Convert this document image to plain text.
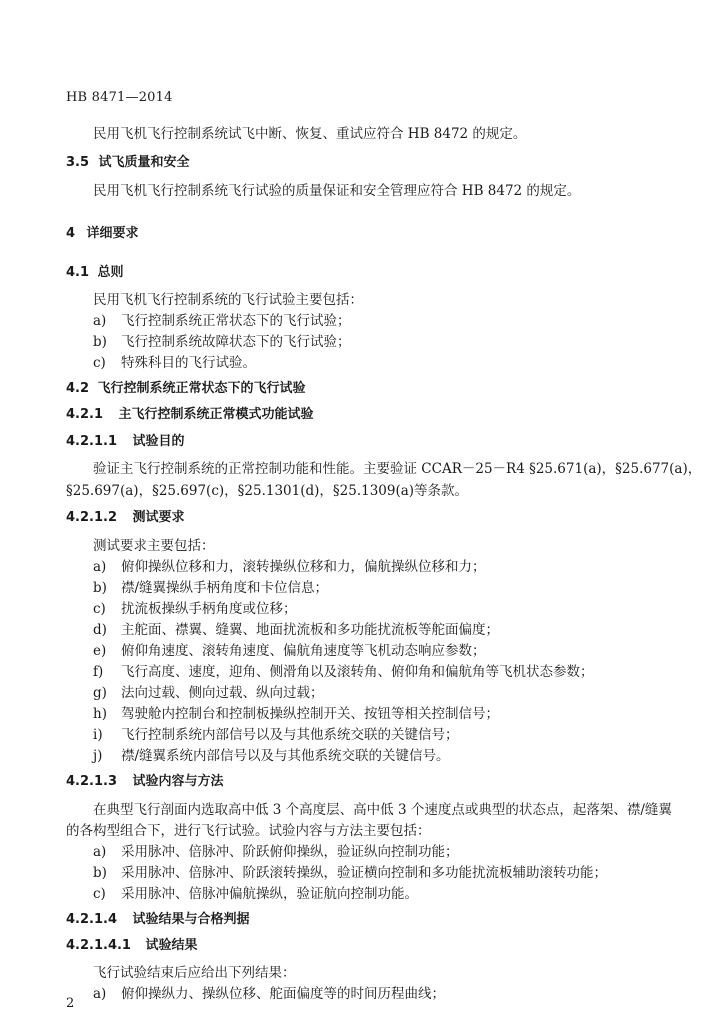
HB 8471—2014
民用飞机飞行控制系统试飞中断、恢复、重试应符合 HB 8472 的规定。
3.5 试飞质量和安全
民用飞机飞行控制系统飞行试验的质量保证和安全管理应符合 HB 8472 的规定。
4 详细要求
4.1 总则
民用飞机飞行控制系统的飞行试验主要包括：
a) 飞行控制系统正常状态下的飞行试验；
b) 飞行控制系统故障状态下的飞行试验；
c) 特殊科目的飞行试验。
4.2 飞行控制系统正常状态下的飞行试验
4.2.1 主飞行控制系统正常模式功能试验
4.2.1.1 试验目的
验证主飞行控制系统的正常控制功能和性能。主要验证 CCAR－25－R4 §25.671(a)，§25.677(a)，
§25.697(a)，§25.697(c)，§25.1301(d)，§25.1309(a)等条款。
4.2.1.2 测试要求
测试要求主要包括：
a) 俯仰操纵位移和力，滚转操纵位移和力，偏航操纵位移和力；
b) 襟/缝翼操纵手柄角度和卡位信息；
c) 扰流板操纵手柄角度或位移；
d) 主舵面、襟翼、缝翼、地面扰流板和多功能扰流板等舵面偏度；
e) 俯仰角速度、滚转角速度、偏航角速度等飞机动态响应参数；
f) 飞行高度、速度，迎角、侧滑角以及滚转角、俯仰角和偏航角等飞机状态参数；
g) 法向过载、侧向过载、纵向过载；
h) 驾驶舱内控制台和控制板操纵控制开关、按钮等相关控制信号；
i) 飞行控制系统内部信号以及与其他系统交联的关键信号；
j) 襟/缝翼系统内部信号以及与其他系统交联的关键信号。
4.2.1.3 试验内容与方法
在典型飞行剖面内选取高中低 3 个高度层、高中低 3 个速度点或典型的状态点，起落架、襟/缝翼
的各构型组合下，进行飞行试验。试验内容与方法主要包括：
a) 采用脉冲、倍脉冲、阶跃俯仰操纵，验证纵向控制功能；
b) 采用脉冲、倍脉冲、阶跃滚转操纵，验证横向控制和多功能扰流板辅助滚转功能；
c) 采用脉冲、倍脉冲偏航操纵，验证航向控制功能。
4.2.1.4 试验结果与合格判据
4.2.1.4.1 试验结果
飞行试验结束后应给出下列结果：
a) 俯仰操纵力、操纵位移、舵面偏度等的时间历程曲线；
2
